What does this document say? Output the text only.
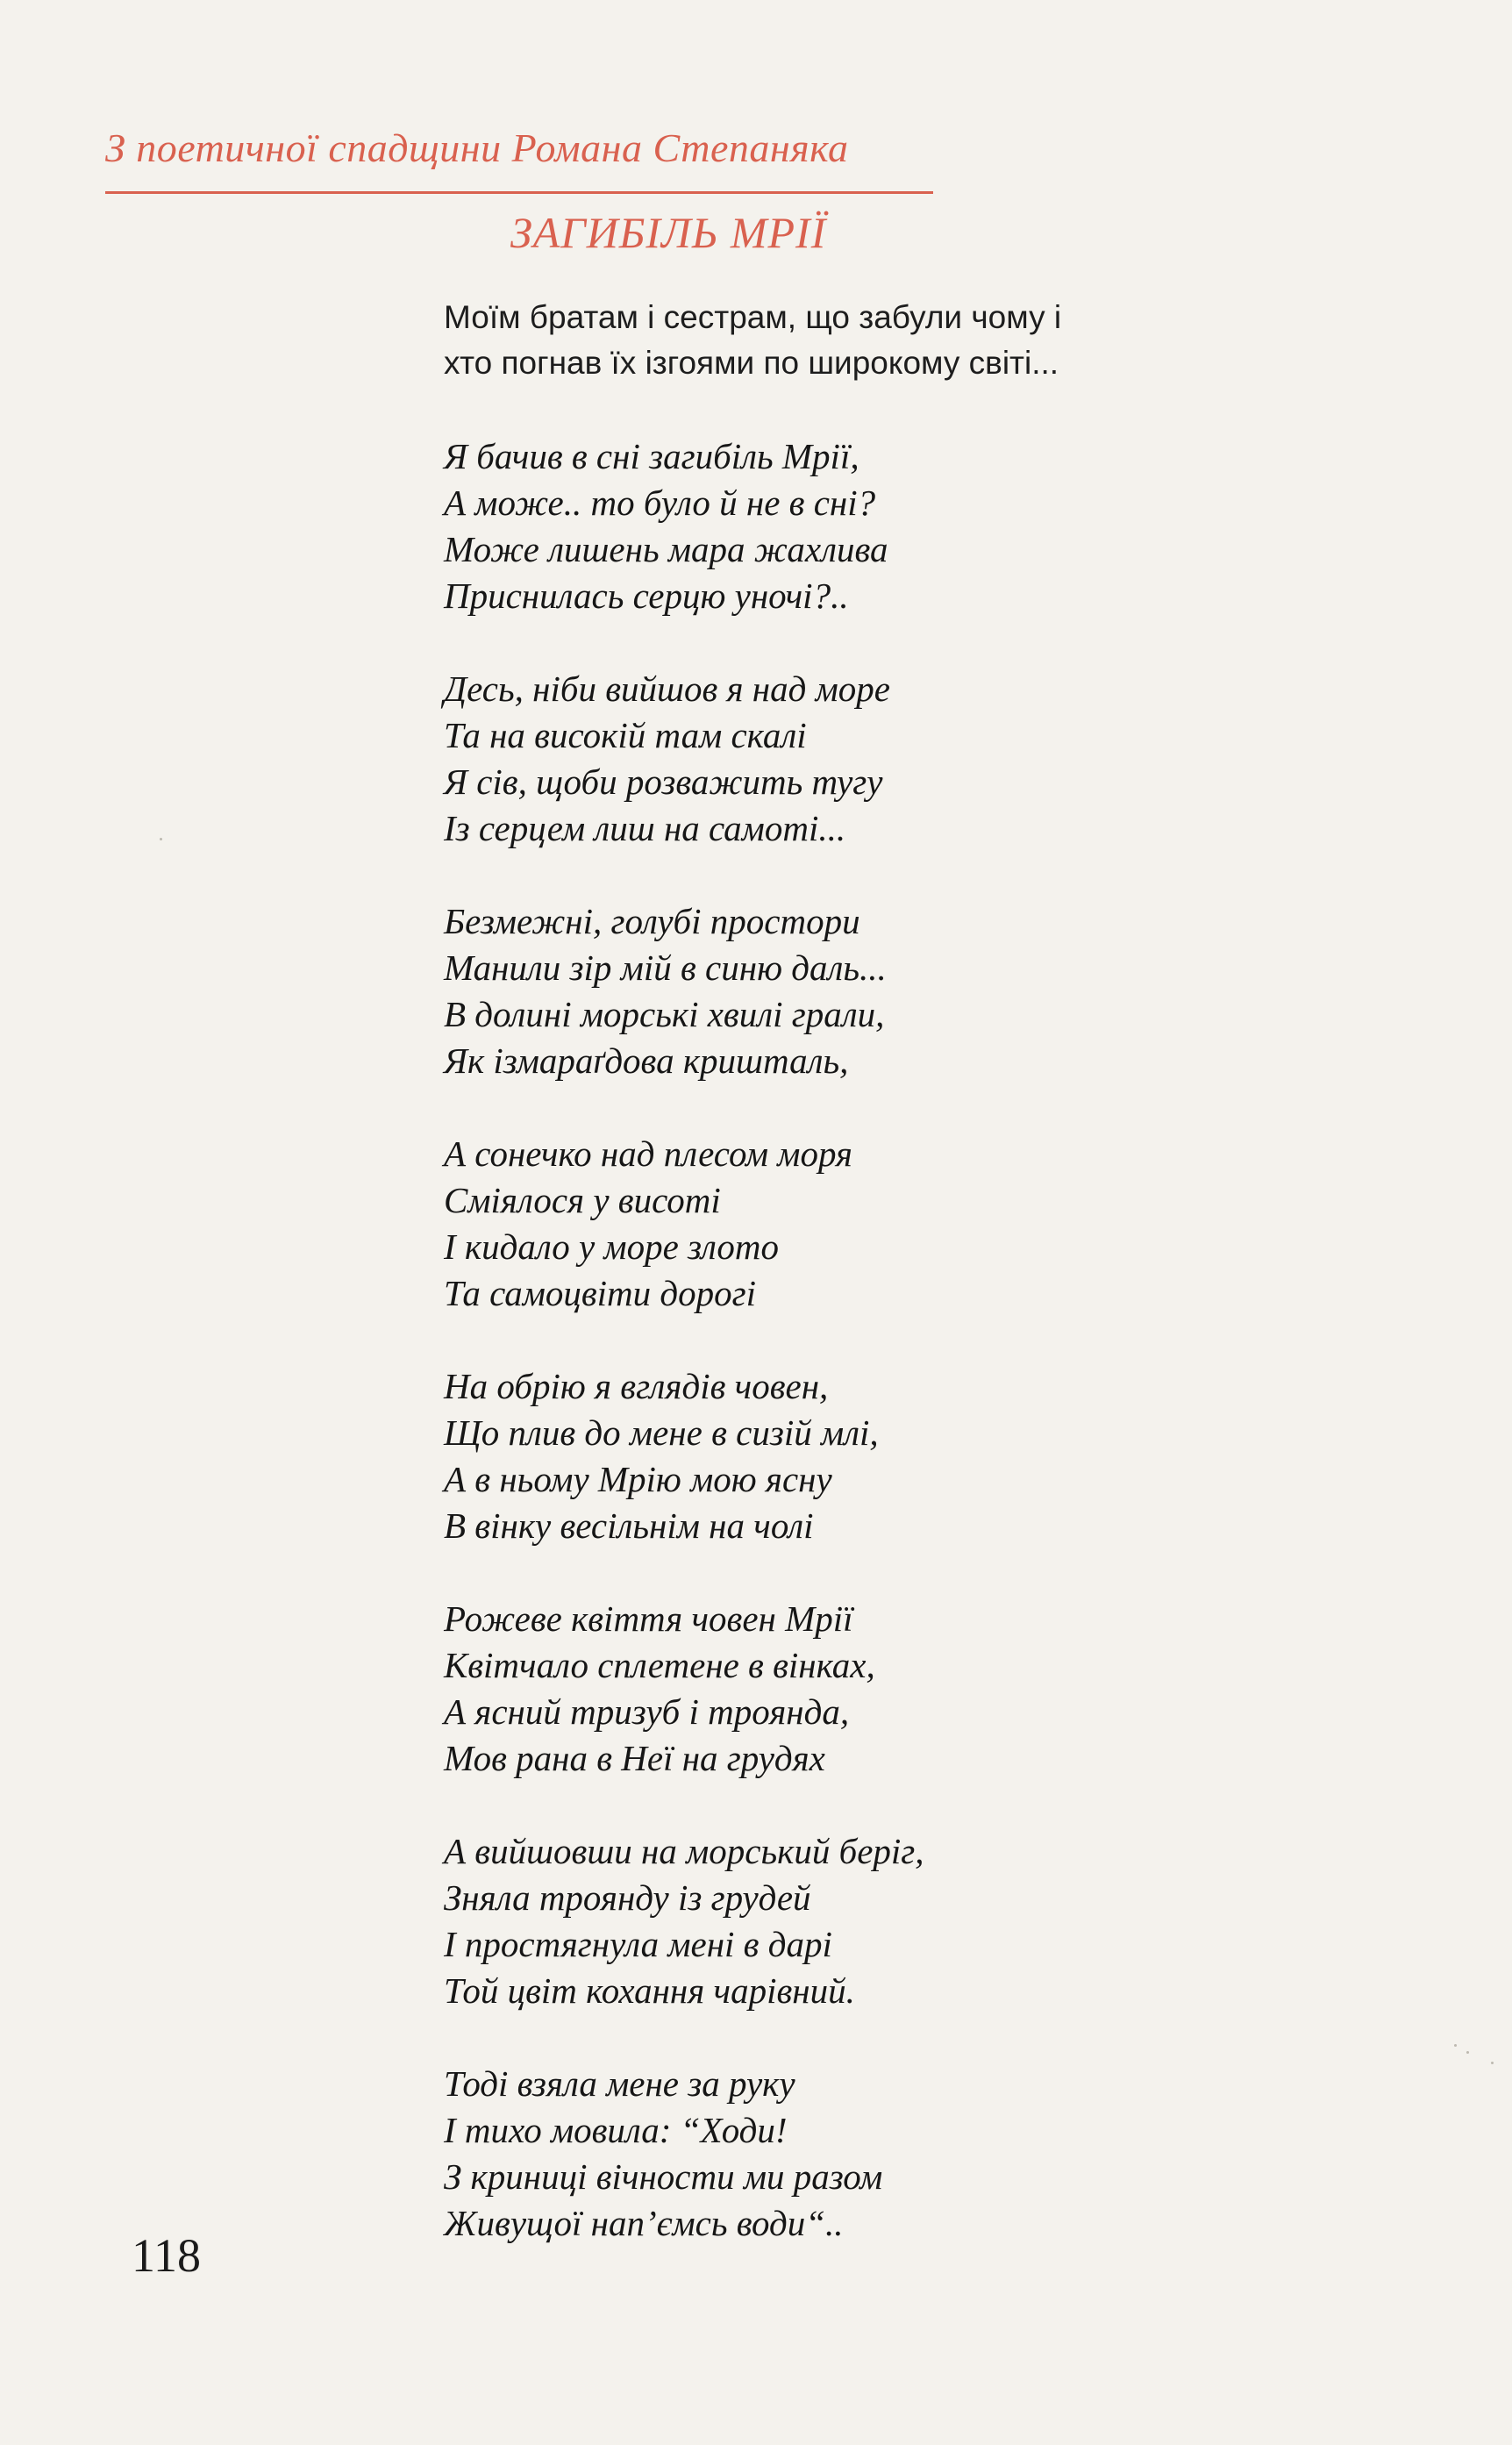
З поетичної спадщини Романа Степаняка
ЗАГИБІЛЬ МРІЇ
Моїм братам і сестрам, що забули чому і
хто погнав їх ізгоями по широкому світі...
Я бачив в сні загибіль Мрії,
А може.. то було й не в сні?
Може лишень мара жахлива
Приснилась серцю уночі?..
Десь, ніби вийшов я над море
Та на високій там скалі
Я сів, щоби розважить тугу
Із серцем лиш на самоті...
Безмежні, голубі простори
Манили зір мій в синю даль...
В долині морські хвилі грали,
Як ізмараґдова кришталь,
А сонечко над плесом моря
Сміялося у висоті
І кидало у море злото
Та самоцвіти дорогі
На обрію я вглядів човен,
Що плив до мене в сизій млі,
А в ньому Мрію мою ясну
В вінку весільнім на чолі
Рожеве квіття човен Мрії
Квітчало сплетене в вінках,
А ясний тризуб і троянда,
Мов рана в Неї на грудях
А вийшовши на морський беріг,
Зняла троянду із грудей
І простягнула мені в дарі
Той цвіт кохання чарівний.
Тоді взяла мене за руку
І тихо мовила: “Ходи!
З криниці вічности ми разом
Живущої нап’ємсь води“..
118
